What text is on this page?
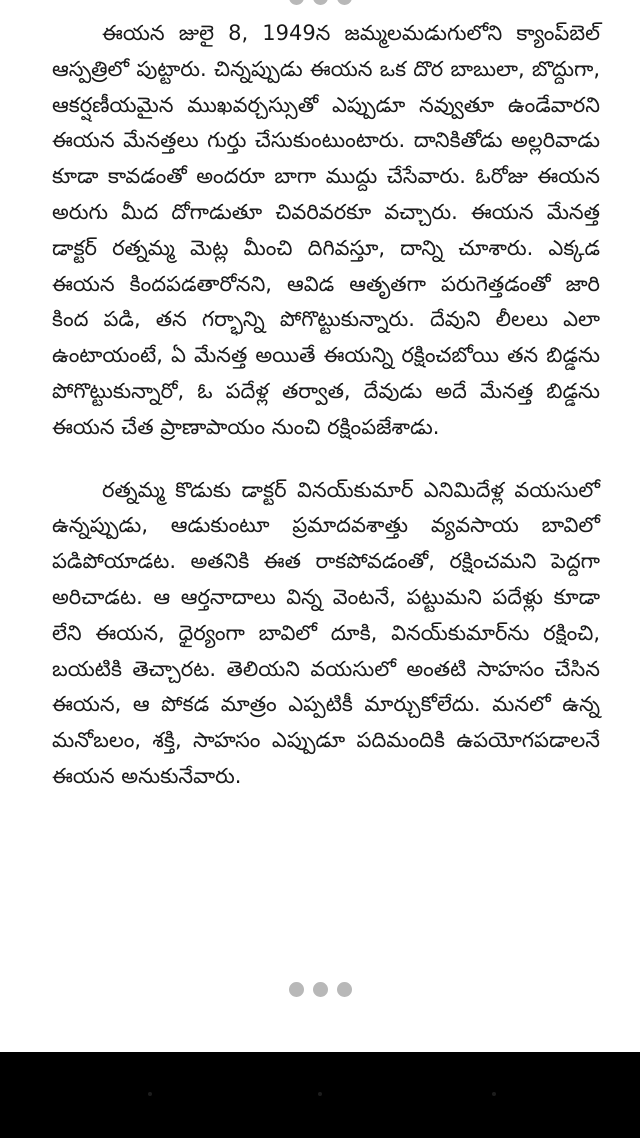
ఈయన జులై 8, 1949న జమ్మలమడుగులోని క్యాంప్‌బెల్ ఆస్పత్రిలో పుట్టారు. చిన్నప్పుడు ఈయన ఒక దొర బాబులా, బొద్దుగా, ఆకర్షణీయమైన ముఖవర్చస్సుతో ఎప్పుడూ నవ్వుతూ ఉండేవారని ఈయన మేనత్తలు గుర్తు చేసుకుంటుంటారు. దానికితోడు అల్లరివాడు కూడా కావడంతో అందరూ బాగా ముద్దు చేసేవారు. ఓరోజు ఈయన అరుగు మీద దోగాడుతూ చివరివరకూ వచ్చారు. ఈయన మేనత్త డాక్టర్ రత్నమ్మ మెట్ల మీంచి దిగివస్తూ, దాన్ని చూశారు. ఎక్కడ ఈయన కిందపడతారోనని, ఆవిడ ఆతృతగా పరుగెత్తడంతో జారి కింద పడి, తన గర్భాన్ని పోగొట్టుకున్నారు. దేవుని లీలలు ఎలా ఉంటాయంటే, ఏ మేనత్త అయితే ఈయన్ని రక్షించబోయి తన బిడ్డను పోగొట్టుకున్నారో, ఓ పదేళ్ల తర్వాత, దేవుడు అదే మేనత్త బిడ్డను ఈయన చేత ప్రాణాపాయం నుంచి రక్షింపజేశాడు.

రత్నమ్మ కొడుకు డాక్టర్ వినయ్‌కుమార్ ఎనిమిదేళ్ల వయసులో ఉన్నప్పుడు, ఆడుకుంటూ ప్రమాదవశాత్తు వ్యవసాయ బావిలో పడిపోయాడట. అతనికి ఈత రాకపోవడంతో, రక్షించమని పెద్దగా అరిచాడట. ఆ ఆర్తనాదాలు విన్న వెంటనే, పట్టుమని పదేళ్లు కూడా లేని ఈయన, ధైర్యంగా బావిలో దూకి, వినయ్‌కుమార్‌ను రక్షించి, బయటికి తెచ్చారట. తెలియని వయసులో అంతటి సాహసం చేసిన ఈయన, ఆ పోకడ మాత్రం ఎప్పటికీ మార్చుకోలేదు. మనలో ఉన్న మనోబలం, శక్తి, సాహసం ఎప్పుడూ పదిమందికి ఉపయోగపడాలనే ఈయన అనుకునేవారు.
